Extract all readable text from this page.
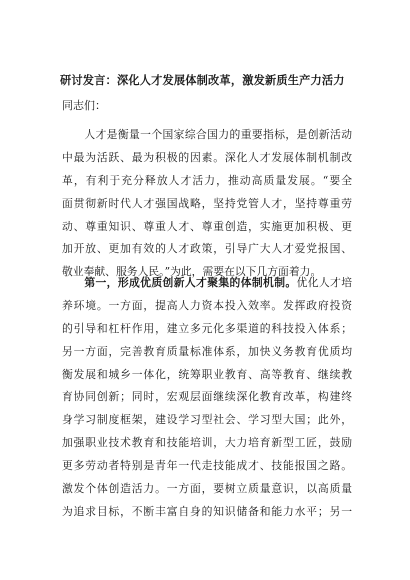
研讨发言：深化人才发展体制改革，激发新质生产力活力
同志们：
　　人才是衡量一个国家综合国力的重要指标，是创新活动
中最为活跃、最为积极的因素。深化人才发展体制机制改
革，有利于充分释放人才活力，推动高质量发展。“要全
面贯彻新时代人才强国战略，坚持党管人才，坚持尊重劳
动、尊重知识、尊重人才、尊重创造，实施更加积极、更
加开放、更加有效的人才政策，引导广大人才爱党报国、
敬业奉献、服务人民。”为此，需要在以下几方面着力。
　　第一，形成优质创新人才聚集的体制机制。优化人才培
养环境。一方面，提高人力资本投入效率。发挥政府投资
的引导和杠杆作用，建立多元化多渠道的科技投入体系；
另一方面，完善教育质量标准体系，加快义务教育优质均
衡发展和城乡一体化，统筹职业教育、高等教育、继续教
育协同创新；同时，宏观层面继续深化教育改革，构建终
身学习制度框架，建设学习型社会、学习型大国；此外，
加强职业技术教育和技能培训，大力培育新型工匠，鼓励
更多劳动者特别是青年一代走技能成才、技能报国之路。
激发个体创造活力。一方面，要树立质量意识，以高质量
为追求目标，不断丰富自身的知识储备和能力水平；另一
